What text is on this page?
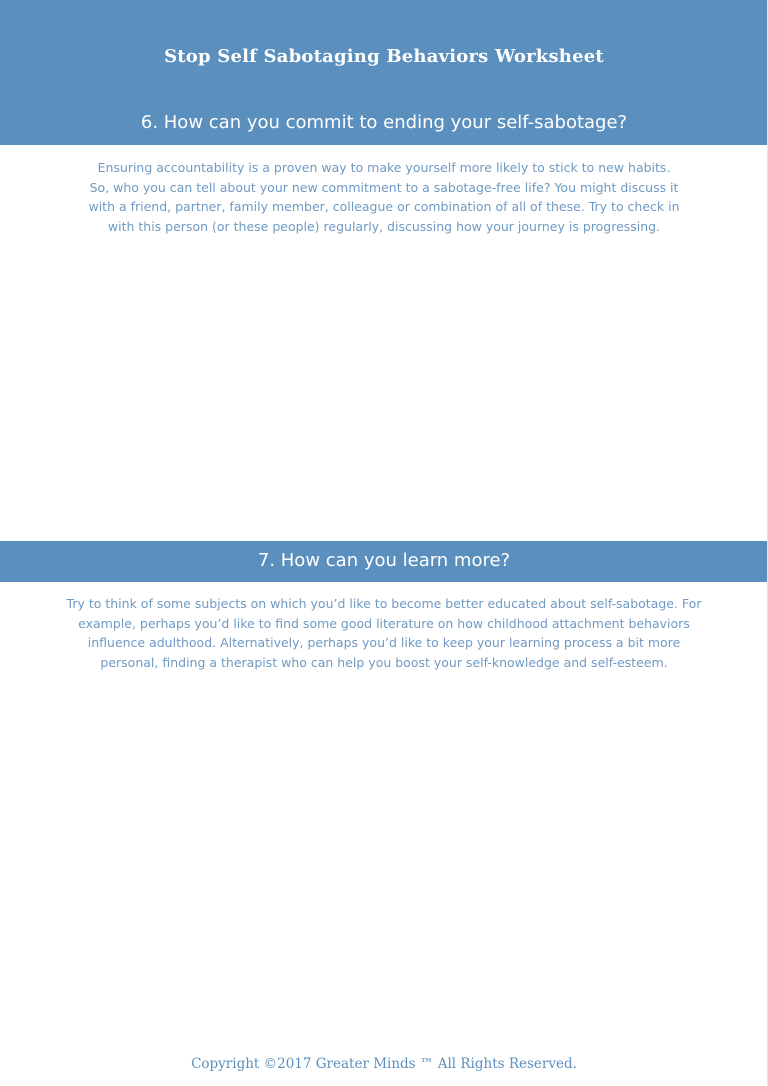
Stop Self Sabotaging Behaviors Worksheet
6. How can you commit to ending your self-sabotage?

Ensuring accountability is a proven way to make yourself more likely to stick to new habits. So, who you can tell about your new commitment to a sabotage-free life? You might discuss it with a friend, partner, family member, colleague or combination of all of these. Try to check in with this person (or these people) regularly, discussing how your journey is progressing.

7. How can you learn more?

Try to think of some subjects on which you’d like to become better educated about self-sabotage. For example, perhaps you’d like to find some good literature on how childhood attachment behaviors influence adulthood. Alternatively, perhaps you’d like to keep your learning process a bit more personal, finding a therapist who can help you boost your self-knowledge and self-esteem.

Copyright ©2017 Greater Minds ™ All Rights Reserved.
